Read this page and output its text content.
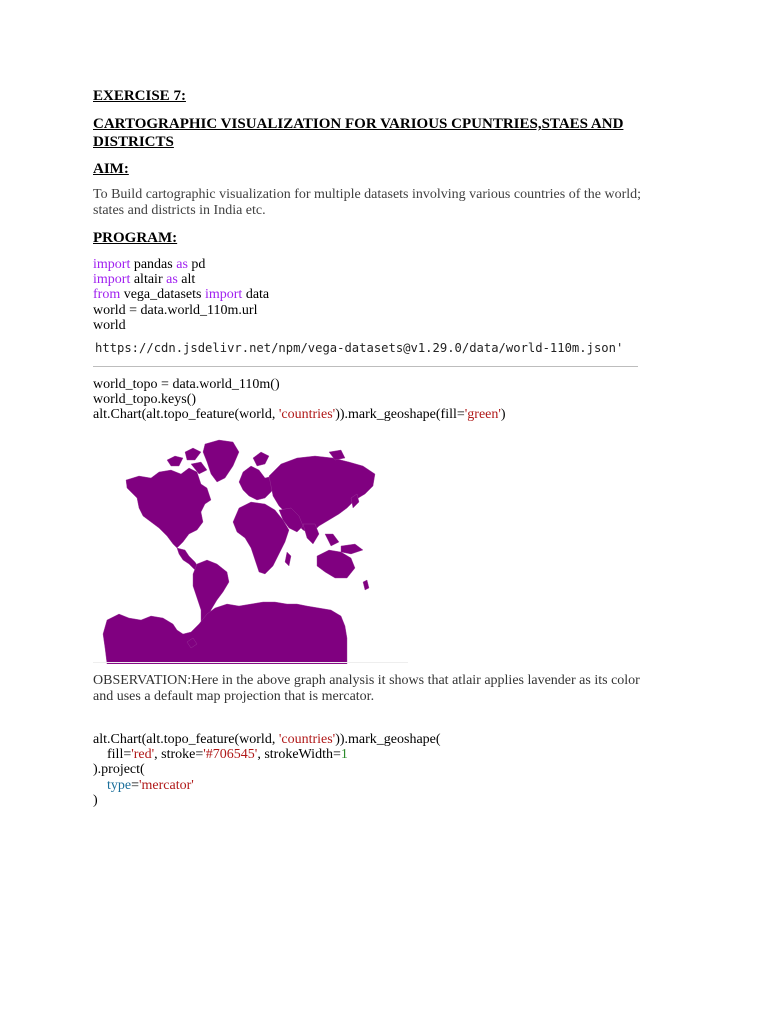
EXERCISE 7:
CARTOGRAPHIC VISUALIZATION FOR VARIOUS CPUNTRIES,STAES AND DISTRICTS
AIM:
To Build cartographic visualization for multiple datasets involving various countries of the world; states and districts in India etc.
PROGRAM:
import pandas as pd
import altair as alt
from vega_datasets import data
world = data.world_110m.url
world
https://cdn.jsdelivr.net/npm/vega-datasets@v1.29.0/data/world-110m.json'
world_topo = data.world_110m()
world_topo.keys()
alt.Chart(alt.topo_feature(world, 'countries')).mark_geoshape(fill='green')
OBSERVATION:Here in the above graph analysis it shows that atlair applies lavender as its color and uses a default map projection that is mercator.
alt.Chart(alt.topo_feature(world, 'countries')).mark_geoshape(
fill='red', stroke='#706545', strokeWidth=1
).project(
type='mercator'
)
